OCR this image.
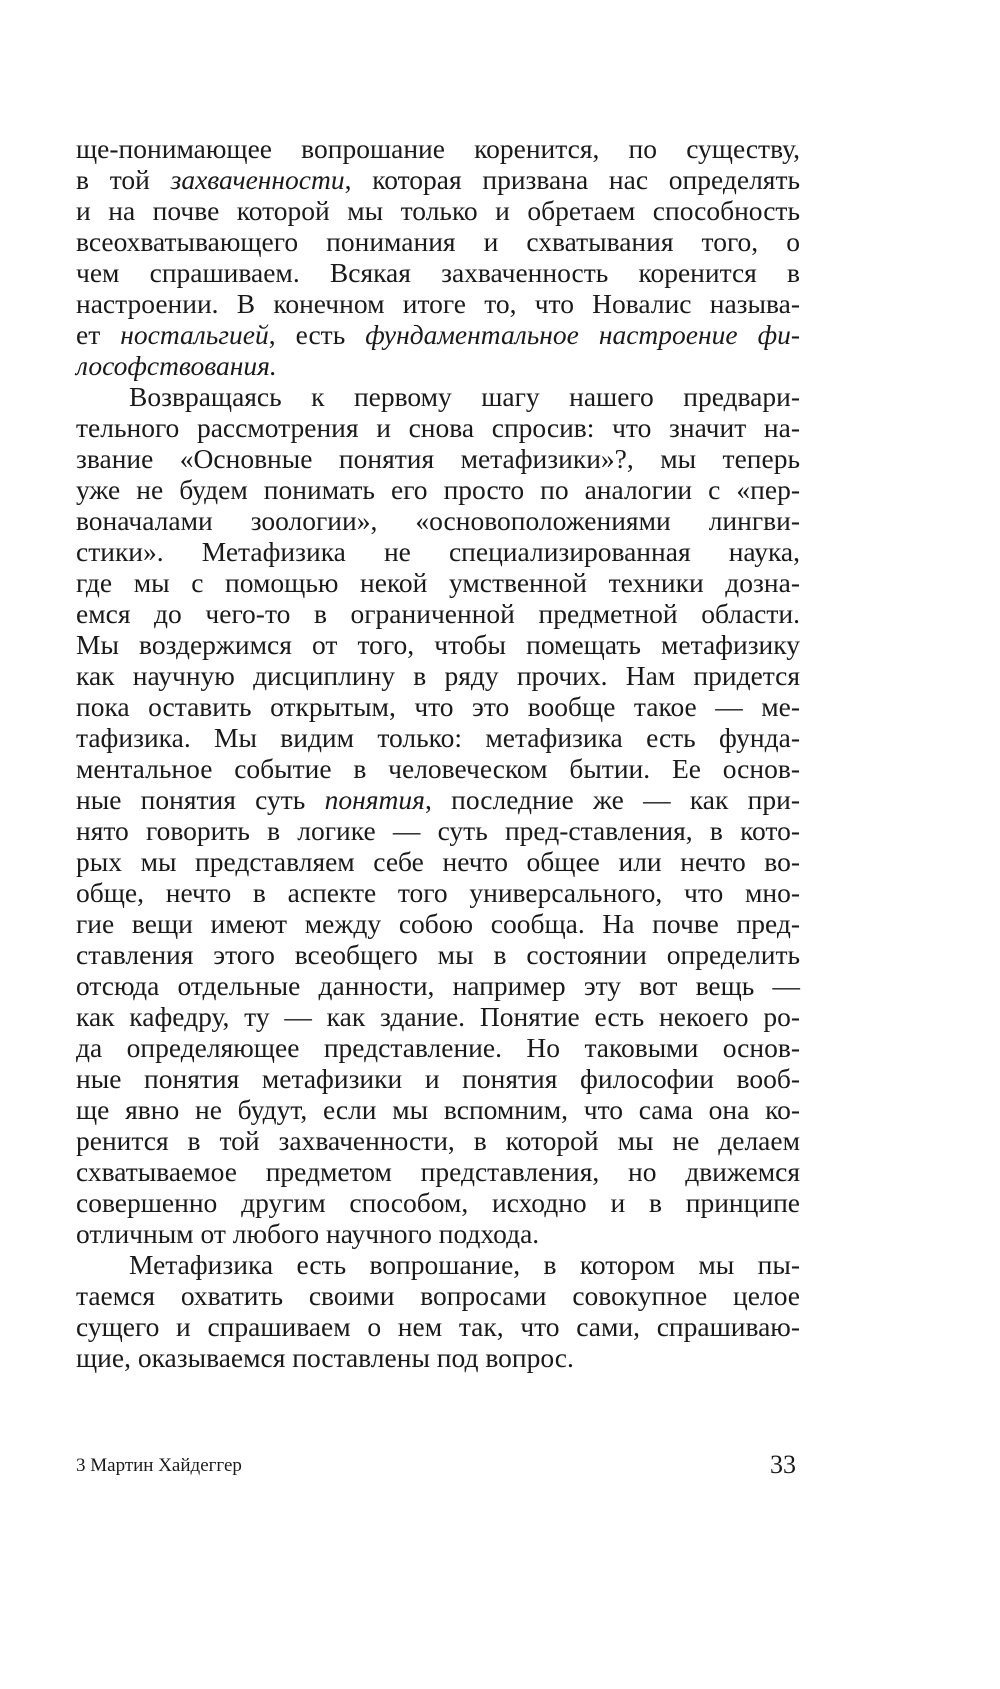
ще-понимающее вопрошание коренится, по существу,
в той захваченности, которая призвана нас определять
и на почве которой мы только и обретаем способность
всеохватывающего понимания и схватывания того, о
чем спрашиваем. Всякая захваченность коренится в
настроении. В конечном итоге то, что Новалис называ-
ет ностальгией, есть фундаментальное настроение фи-
лософствования.
Возвращаясь к первому шагу нашего предвари-
тельного рассмотрения и снова спросив: что значит на-
звание «Основные понятия метафизики»?, мы теперь
уже не будем понимать его просто по аналогии с «пер-
воначалами зоологии», «основоположениями лингви-
стики». Метафизика не специализированная наука,
где мы с помощью некой умственной техники дозна-
емся до чего-то в ограниченной предметной области.
Мы воздержимся от того, чтобы помещать метафизику
как научную дисциплину в ряду прочих. Нам придется
пока оставить открытым, что это вообще такое — ме-
тафизика. Мы видим только: метафизика есть фунда-
ментальное событие в человеческом бытии. Ее основ-
ные понятия суть понятия, последние же — как при-
нято говорить в логике — суть пред-ставления, в кото-
рых мы представляем себе нечто общее или нечто во-
обще, нечто в аспекте того универсального, что мно-
гие вещи имеют между собою сообща. На почве пред-
ставления этого всеобщего мы в состоянии определить
отсюда отдельные данности, например эту вот вещь —
как кафедру, ту — как здание. Понятие есть некоего ро-
да определяющее представление. Но таковыми основ-
ные понятия метафизики и понятия философии вооб-
ще явно не будут, если мы вспомним, что сама она ко-
ренится в той захваченности, в которой мы не делаем
схватываемое предметом представления, но движемся
совершенно другим способом, исходно и в принципе
отличным от любого научного подхода.
Метафизика есть вопрошание, в котором мы пы-
таемся охватить своими вопросами совокупное целое
сущего и спрашиваем о нем так, что сами, спрашиваю-
щие, оказываемся поставлены под вопрос.
3 Мартин Хайдеггер	33
